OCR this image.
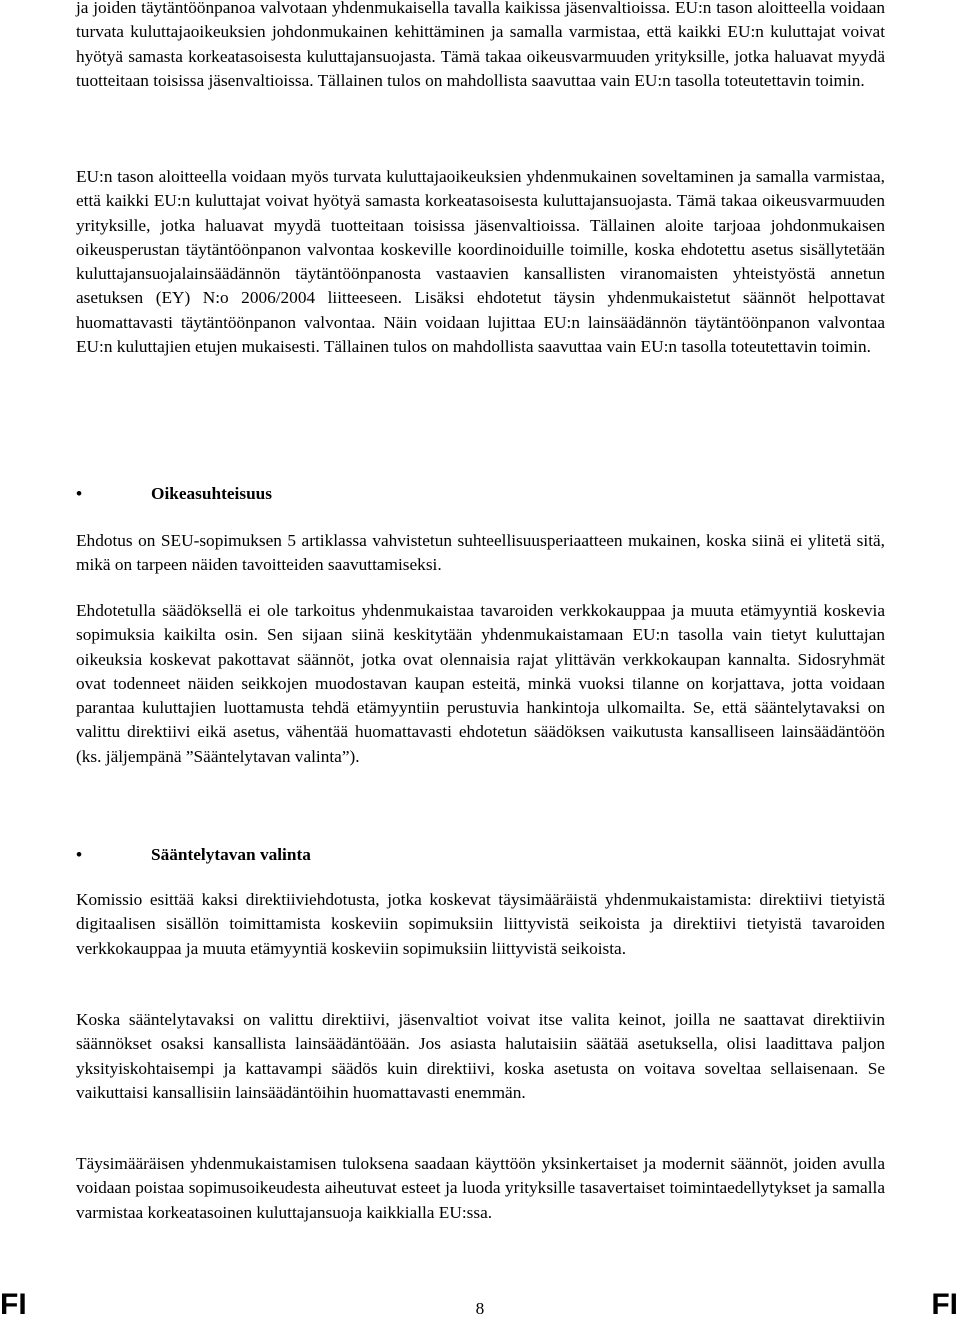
ja joiden täytäntöönpanoa valvotaan yhdenmukaisella tavalla kaikissa jäsenvaltioissa. EU:n tason aloitteella voidaan turvata kuluttajaoikeuksien johdonmukainen kehittäminen ja samalla varmistaa, että kaikki EU:n kuluttajat voivat hyötyä samasta korkeatasoisesta kuluttajansuojasta. Tämä takaa oikeusvarmuuden yrityksille, jotka haluavat myydä tuotteitaan toisissa jäsenvaltioissa. Tällainen tulos on mahdollista saavuttaa vain EU:n tasolla toteutettavin toimin.

EU:n tason aloitteella voidaan myös turvata kuluttajaoikeuksien yhdenmukainen soveltaminen ja samalla varmistaa, että kaikki EU:n kuluttajat voivat hyötyä samasta korkeatasoisesta kuluttajansuojasta. Tämä takaa oikeusvarmuuden yrityksille, jotka haluavat myydä tuotteitaan toisissa jäsenvaltioissa. Tällainen aloite tarjoaa johdonmukaisen oikeusperustan täytäntöönpanon valvontaa koskeville koordinoiduille toimille, koska ehdotettu asetus sisällytetään kuluttajansuojalainsäädännön täytäntöönpanosta vastaavien kansallisten viranomaisten yhteistyöstä annetun asetuksen (EY) N:o 2006/2004 liitteeseen. Lisäksi ehdotetut täysin yhdenmukaistetut säännöt helpottavat huomattavasti täytäntöönpanon valvontaa. Näin voidaan lujittaa EU:n lainsäädännön täytäntöönpanon valvontaa EU:n kuluttajien etujen mukaisesti. Tällainen tulos on mahdollista saavuttaa vain EU:n tasolla toteutettavin toimin.

•	Oikeasuhteisuus

Ehdotus on SEU-sopimuksen 5 artiklassa vahvistetun suhteellisuusperiaatteen mukainen, koska siinä ei ylitetä sitä, mikä on tarpeen näiden tavoitteiden saavuttamiseksi.

Ehdotetulla säädöksellä ei ole tarkoitus yhdenmukaistaa tavaroiden verkkokauppaa ja muuta etämyyntiä koskevia sopimuksia kaikilta osin. Sen sijaan siinä keskitytään yhdenmukaistamaan EU:n tasolla vain tietyt kuluttajan oikeuksia koskevat pakottavat säännöt, jotka ovat olennaisia rajat ylittävän verkkokaupan kannalta. Sidosryhmät ovat todenneet näiden seikkojen muodostavan kaupan esteitä, minkä vuoksi tilanne on korjattava, jotta voidaan parantaa kuluttajien luottamusta tehdä etämyyntiin perustuvia hankintoja ulkomailta. Se, että sääntelytavaksi on valittu direktiivi eikä asetus, vähentää huomattavasti ehdotetun säädöksen vaikutusta kansalliseen lainsäädäntöön (ks. jäljempänä ”Sääntelytavan valinta”).

•	Sääntelytavan valinta

Komissio esittää kaksi direktiiviehdotusta, jotka koskevat täysimääräistä yhdenmukaistamista: direktiivi tietyistä digitaalisen sisällön toimittamista koskeviin sopimuksiin liittyvistä seikoista ja direktiivi tietyistä tavaroiden verkkokauppaa ja muuta etämyyntiä koskeviin sopimuksiin liittyvistä seikoista.

Koska sääntelytavaksi on valittu direktiivi, jäsenvaltiot voivat itse valita keinot, joilla ne saattavat direktiivin säännökset osaksi kansallista lainsäädäntöään. Jos asiasta halutaisiin säätää asetuksella, olisi laadittava paljon yksityiskohtaisempi ja kattavampi säädös kuin direktiivi, koska asetusta on voitava soveltaa sellaisenaan. Se vaikuttaisi kansallisiin lainsäädäntöihin huomattavasti enemmän.

Täysimääräisen yhdenmukaistamisen tuloksena saadaan käyttöön yksinkertaiset ja modernit säännöt, joiden avulla voidaan poistaa sopimusoikeudesta aiheutuvat esteet ja luoda yrityksille tasavertaiset toimintaedellytykset ja samalla varmistaa korkeatasoinen kuluttajansuoja kaikkialla EU:ssa.

FI	8	FI
